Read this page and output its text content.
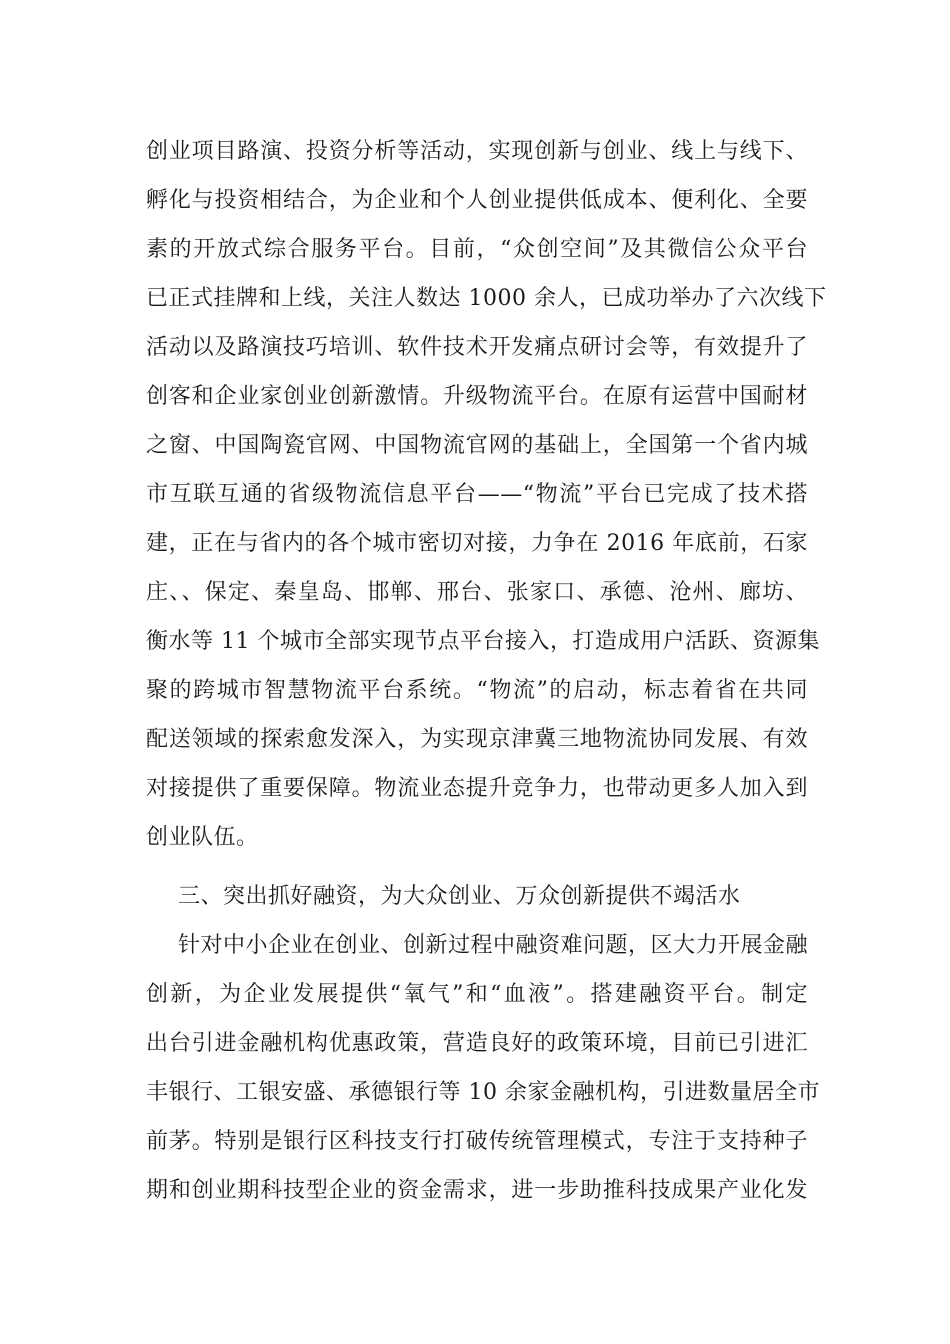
创业项目路演、投资分析等活动，实现创新与创业、线上与线下、
孵化与投资相结合，为企业和个人创业提供低成本、便利化、全要
素的开放式综合服务平台。目前，“众创空间”及其微信公众平台
已正式挂牌和上线，关注人数达 1000 余人，已成功举办了六次线下
活动以及路演技巧培训、软件技术开发痛点研讨会等，有效提升了
创客和企业家创业创新激情。升级物流平台。在原有运营中国耐材
之窗、中国陶瓷官网、中国物流官网的基础上，全国第一个省内城
市互联互通的省级物流信息平台——“物流”平台已完成了技术搭
建，正在与省内的各个城市密切对接，力争在 2016 年底前，石家
庄、、保定、秦皇岛、邯郸、邢台、张家口、承德、沧州、廊坊、
衡水等 11 个城市全部实现节点平台接入，打造成用户活跃、资源集
聚的跨城市智慧物流平台系统。“物流”的启动，标志着省在共同
配送领域的探索愈发深入，为实现京津冀三地物流协同发展、有效
对接提供了重要保障。物流业态提升竞争力，也带动更多人加入到
创业队伍。
三、突出抓好融资，为大众创业、万众创新提供不竭活水
针对中小企业在创业、创新过程中融资难问题，区大力开展金融
创新，为企业发展提供“氧气”和“血液”。搭建融资平台。制定
出台引进金融机构优惠政策，营造良好的政策环境，目前已引进汇
丰银行、工银安盛、承德银行等 10 余家金融机构，引进数量居全市
前茅。特别是银行区科技支行打破传统管理模式，专注于支持种子
期和创业期科技型企业的资金需求，进一步助推科技成果产业化发
